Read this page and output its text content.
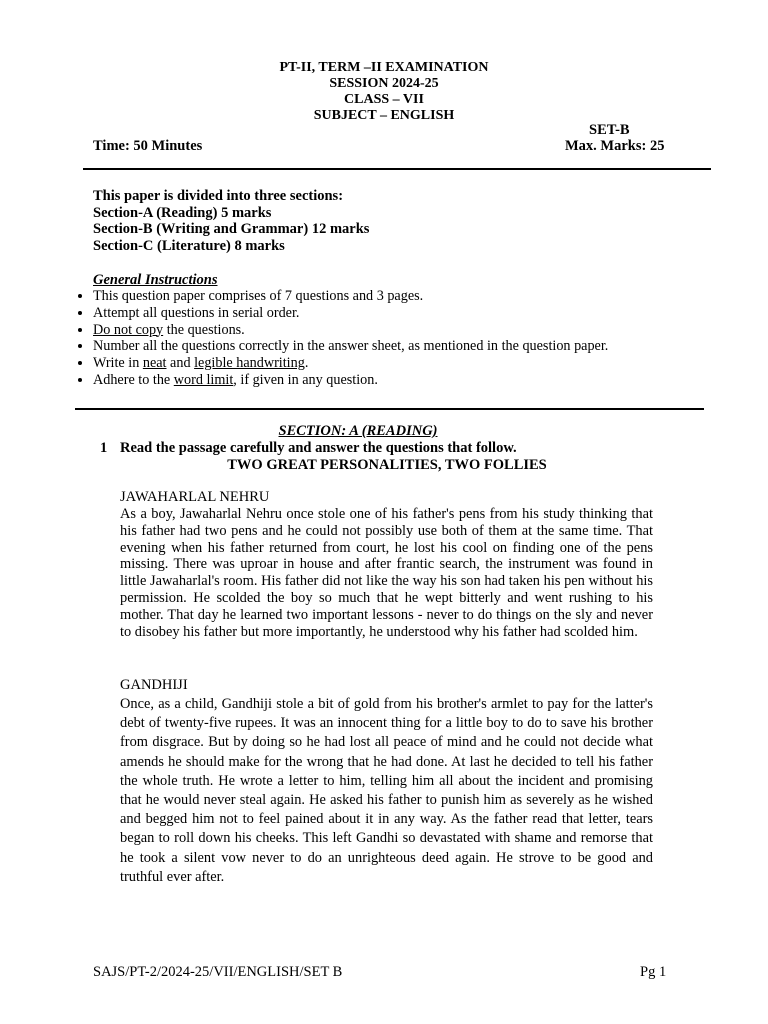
PT-II, TERM –II EXAMINATION
SESSION 2024-25
CLASS – VII
SUBJECT – ENGLISH
SET-B
Time: 50 Minutes	Max. Marks: 25
This paper is divided into three sections:
Section-A (Reading) 5 marks
Section-B (Writing and Grammar) 12 marks
Section-C (Literature) 8 marks
General Instructions
• This question paper comprises of 7 questions and 3 pages.
• Attempt all questions in serial order.
• Do not copy the questions.
• Number all the questions correctly in the answer sheet, as mentioned in the question paper.
• Write in neat and legible handwriting.
• Adhere to the word limit, if given in any question.
SECTION: A (READING)
1 Read the passage carefully and answer the questions that follow.
TWO GREAT PERSONALITIES, TWO FOLLIES
JAWAHARLAL NEHRU

As a boy, Jawaharlal Nehru once stole one of his father's pens from his study thinking that his father had two pens and he could not possibly use both of them at the same time. That evening when his father returned from court, he lost his cool on finding one of the pens missing. There was uproar in house and after frantic search, the instrument was found in little Jawaharlal's room. His father did not like the way his son had taken his pen without his permission. He scolded the boy so much that he wept bitterly and went rushing to his mother. That day he learned two important lessons - never to do things on the sly and never to disobey his father but more importantly, he understood why his father had scolded him.

GANDHIJI

Once, as a child, Gandhiji stole a bit of gold from his brother's armlet to pay for the latter's debt of twenty-five rupees. It was an innocent thing for a little boy to do to save his brother from disgrace. But by doing so he had lost all peace of mind and he could not decide what amends he should make for the wrong that he had done. At last he decided to tell his father the whole truth. He wrote a letter to him, telling him all about the incident and promising that he would never steal again. He asked his father to punish him as severely as he wished and begged him not to feel pained about it in any way. As the father read that letter, tears began to roll down his cheeks. This left Gandhi so devastated with shame and remorse that he took a silent vow never to do an unrighteous deed again. He strove to be good and truthful ever after.

SAJS/PT-2/2024-25/VII/ENGLISH/SET B	Pg 1
